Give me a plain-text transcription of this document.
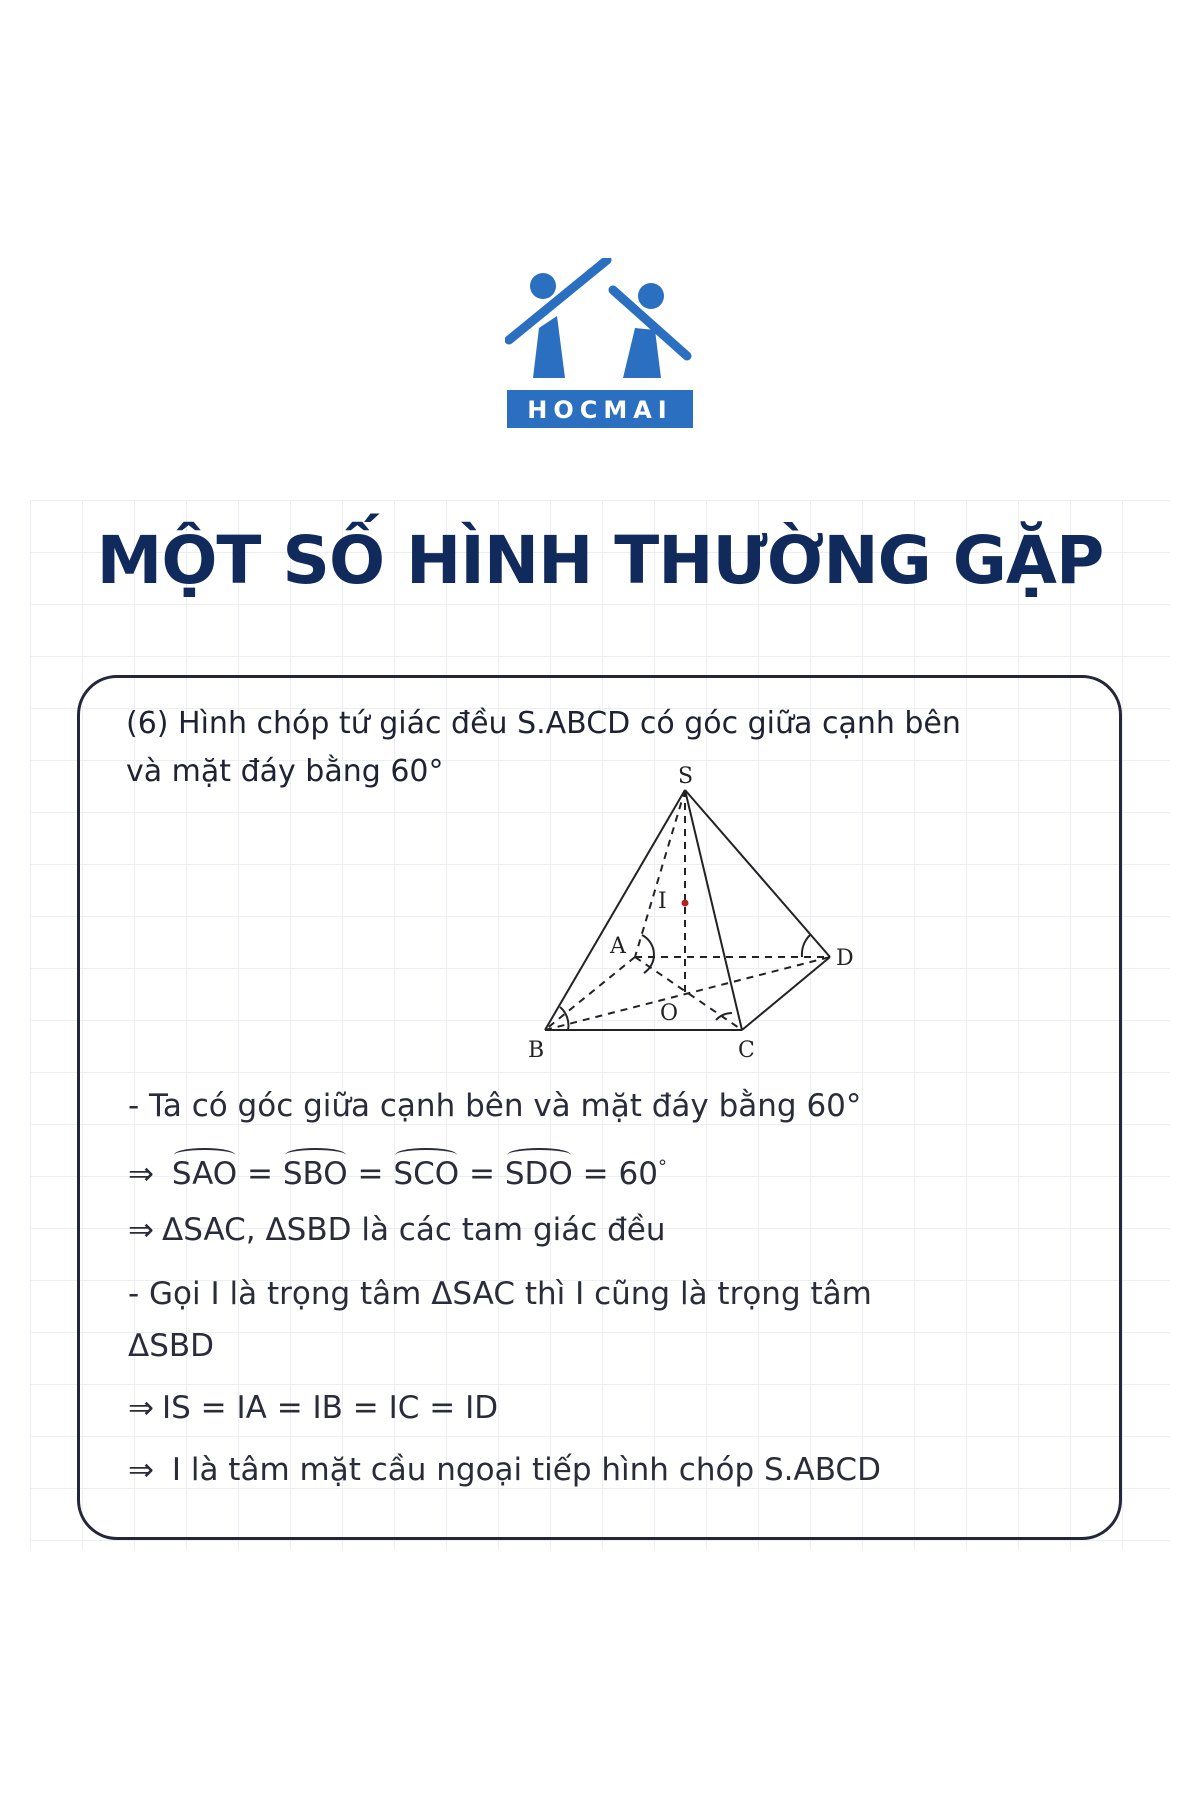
HOCMAI
MỘT SỐ HÌNH THƯỜNG GẶP

(6) Hình chóp tứ giác đều S.ABCD có góc giữa cạnh bên
và mặt đáy bằng 60°	S
A
B	C
D
O
I

- Ta có góc giữa cạnh bên và mặt đáy bằng 60°

⇒ SAO = SBO = SCO = SDO = 60°

⇒ ΔSAC, ΔSBD là các tam giác đều

- Gọi I là trọng tâm ΔSAC thì I cũng là trọng tâm

ΔSBD

⇒ IS = IA = IB = IC = ID

⇒ I là tâm mặt cầu ngoại tiếp hình chóp S.ABCD
